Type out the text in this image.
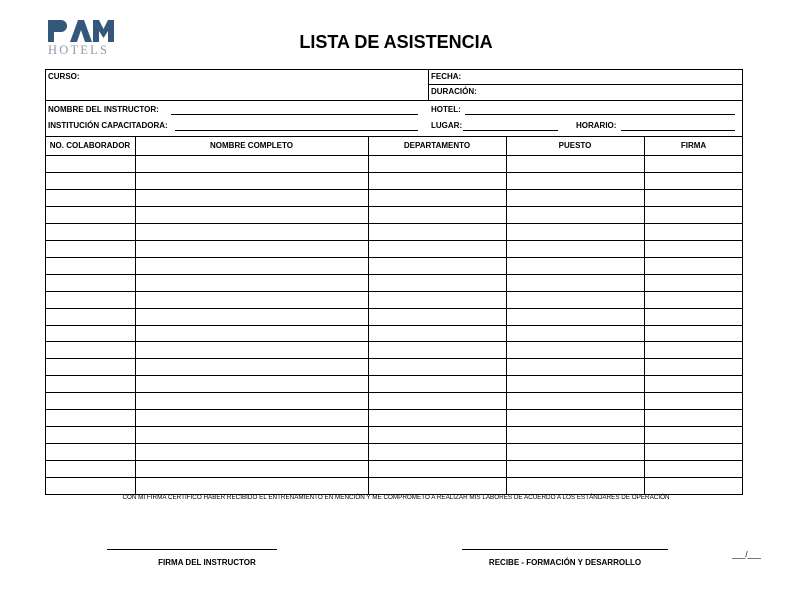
HOTELS	LISTA DE ASISTENCIA
CURSO:	FECHA:
DURACIÓN:
NOMBRE DEL INSTRUCTOR:	HOTEL:
INSTITUCIÓN CAPACITADORA:	LUGAR:	HORARIO:
NO. COLABORADOR	NOMBRE COMPLETO	DEPARTAMENTO	PUESTO	FIRMA
CON MI FIRMA CERTIFICO HABER RECIBIDO EL ENTRENAMIENTO EN MENCIÓN Y ME COMPROMETO A REALIZAR MIS LABORES DE ACUERDO A LOS ESTÁNDARES DE OPERACIÓN
FIRMA DEL INSTRUCTOR	RECIBE - FORMACIÓN Y DESARROLLO
___/___
